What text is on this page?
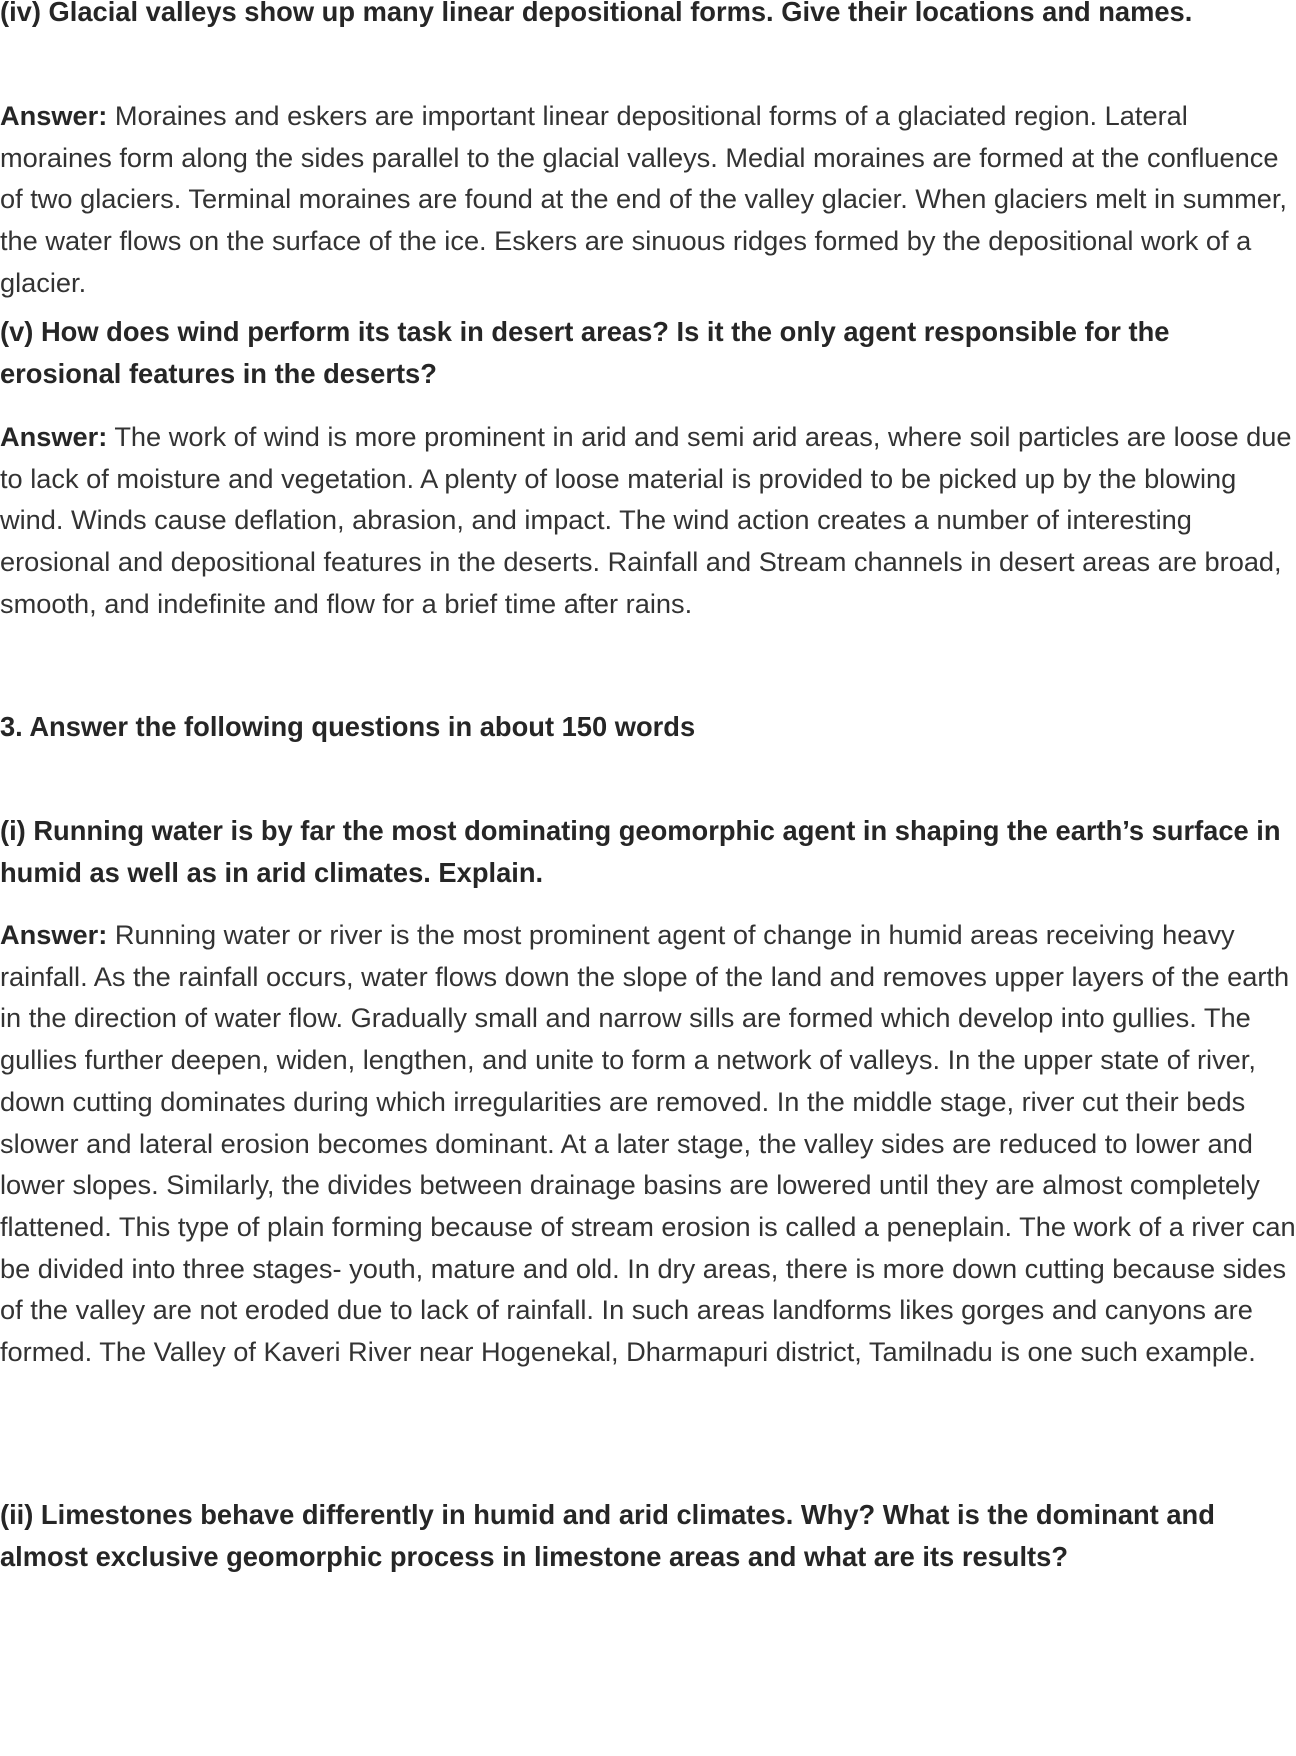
(iv) Glacial valleys show up many linear depositional forms. Give their locations and names.

Answer: Moraines and eskers are important linear depositional forms of a glaciated region. Lateral moraines form along the sides parallel to the glacial valleys. Medial moraines are formed at the confluence of two glaciers. Terminal moraines are found at the end of the valley glacier. When glaciers melt in summer, the water flows on the surface of the ice. Eskers are sinuous ridges formed by the depositional work of a glacier.

(v) How does wind perform its task in desert areas? Is it the only agent responsible for the erosional features in the deserts?

Answer: The work of wind is more prominent in arid and semi arid areas, where soil particles are loose due to lack of moisture and vegetation. A plenty of loose material is provided to be picked up by the blowing wind. Winds cause deflation, abrasion, and impact. The wind action creates a number of interesting erosional and depositional features in the deserts. Rainfall and Stream channels in desert areas are broad, smooth, and indefinite and flow for a brief time after rains.

3. Answer the following questions in about 150 words

(i) Running water is by far the most dominating geomorphic agent in shaping the earth’s surface in humid as well as in arid climates. Explain.

Answer: Running water or river is the most prominent agent of change in humid areas receiving heavy rainfall. As the rainfall occurs, water flows down the slope of the land and removes upper layers of the earth in the direction of water flow. Gradually small and narrow sills are formed which develop into gullies. The gullies further deepen, widen, lengthen, and unite to form a network of valleys. In the upper state of river, down cutting dominates during which irregularities are removed. In the middle stage, river cut their beds slower and lateral erosion becomes dominant. At a later stage, the valley sides are reduced to lower and lower slopes. Similarly, the divides between drainage basins are lowered until they are almost completely flattened. This type of plain forming because of stream erosion is called a peneplain. The work of a river can be divided into three stages- youth, mature and old. In dry areas, there is more down cutting because sides of the valley are not eroded due to lack of rainfall. In such areas landforms likes gorges and canyons are formed. The Valley of Kaveri River near Hogenekal, Dharmapuri district, Tamilnadu is one such example.

(ii) Limestones behave differently in humid and arid climates. Why? What is the dominant and almost exclusive geomorphic process in limestone areas and what are its results?
